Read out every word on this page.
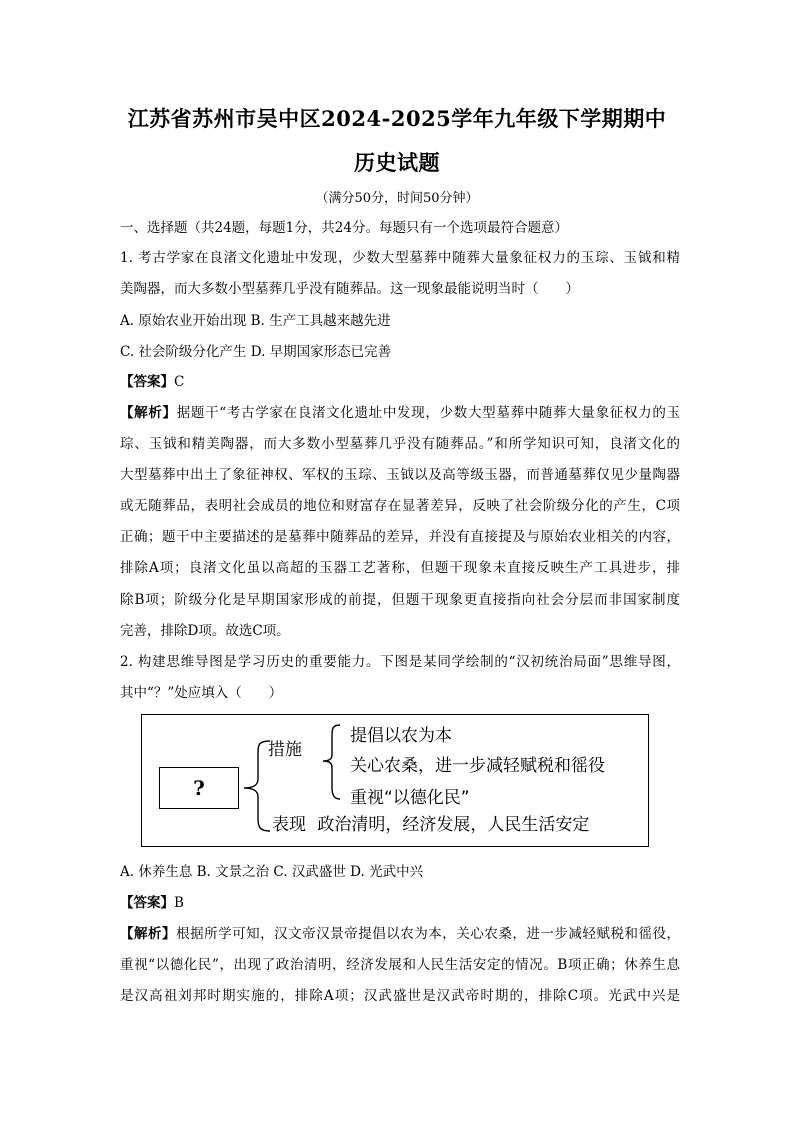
江苏省苏州市吴中区2024-2025学年九年级下学期期中
历史试题
（满分50分，时间50分钟）
一、选择题（共24题，每题1分，共24分。每题只有一个选项最符合题意）
1. 考古学家在良渚文化遗址中发现，少数大型墓葬中随葬大量象征权力的玉琮、玉钺和精
美陶器，而大多数小型墓葬几乎没有随葬品。这一现象最能说明当时（　　）
A. 原始农业开始出现 B. 生产工具越来越先进
C. 社会阶级分化产生 D. 早期国家形态已完善
【答案】C
【解析】据题干“考古学家在良渚文化遗址中发现，少数大型墓葬中随葬大量象征权力的玉
琮、玉钺和精美陶器，而大多数小型墓葬几乎没有随葬品。”和所学知识可知，良渚文化的
大型墓葬中出土了象征神权、军权的玉琮、玉钺以及高等级玉器，而普通墓葬仅见少量陶器
或无随葬品，表明社会成员的地位和财富存在显著差异，反映了社会阶级分化的产生，C项
正确；题干中主要描述的是墓葬中随葬品的差异，并没有直接提及与原始农业相关的内容，
排除A项；良渚文化虽以高超的玉器工艺著称，但题干现象未直接反映生产工具进步，排
除B项；阶级分化是早期国家形成的前提，但题干现象更直接指向社会分层而非国家制度
完善，排除D项。故选C项。
2. 构建思维导图是学习历史的重要能力。下图是某同学绘制的“汉初统治局面”思维导图，
其中“？”处应填入（　　）
?
措施
提倡以农为本
关心农桑，进一步减轻赋税和徭役
重视“以德化民”
表现 政治清明，经济发展，人民生活安定
A. 休养生息 B. 文景之治 C. 汉武盛世 D. 光武中兴
【答案】B
【解析】根据所学可知，汉文帝汉景帝提倡以农为本，关心农桑，进一步减轻赋税和徭役，
重视“以德化民”，出现了政治清明，经济发展和人民生活安定的情况。B项正确；休养生息
是汉高祖刘邦时期实施的，排除A项；汉武盛世是汉武帝时期的，排除C项。光武中兴是
